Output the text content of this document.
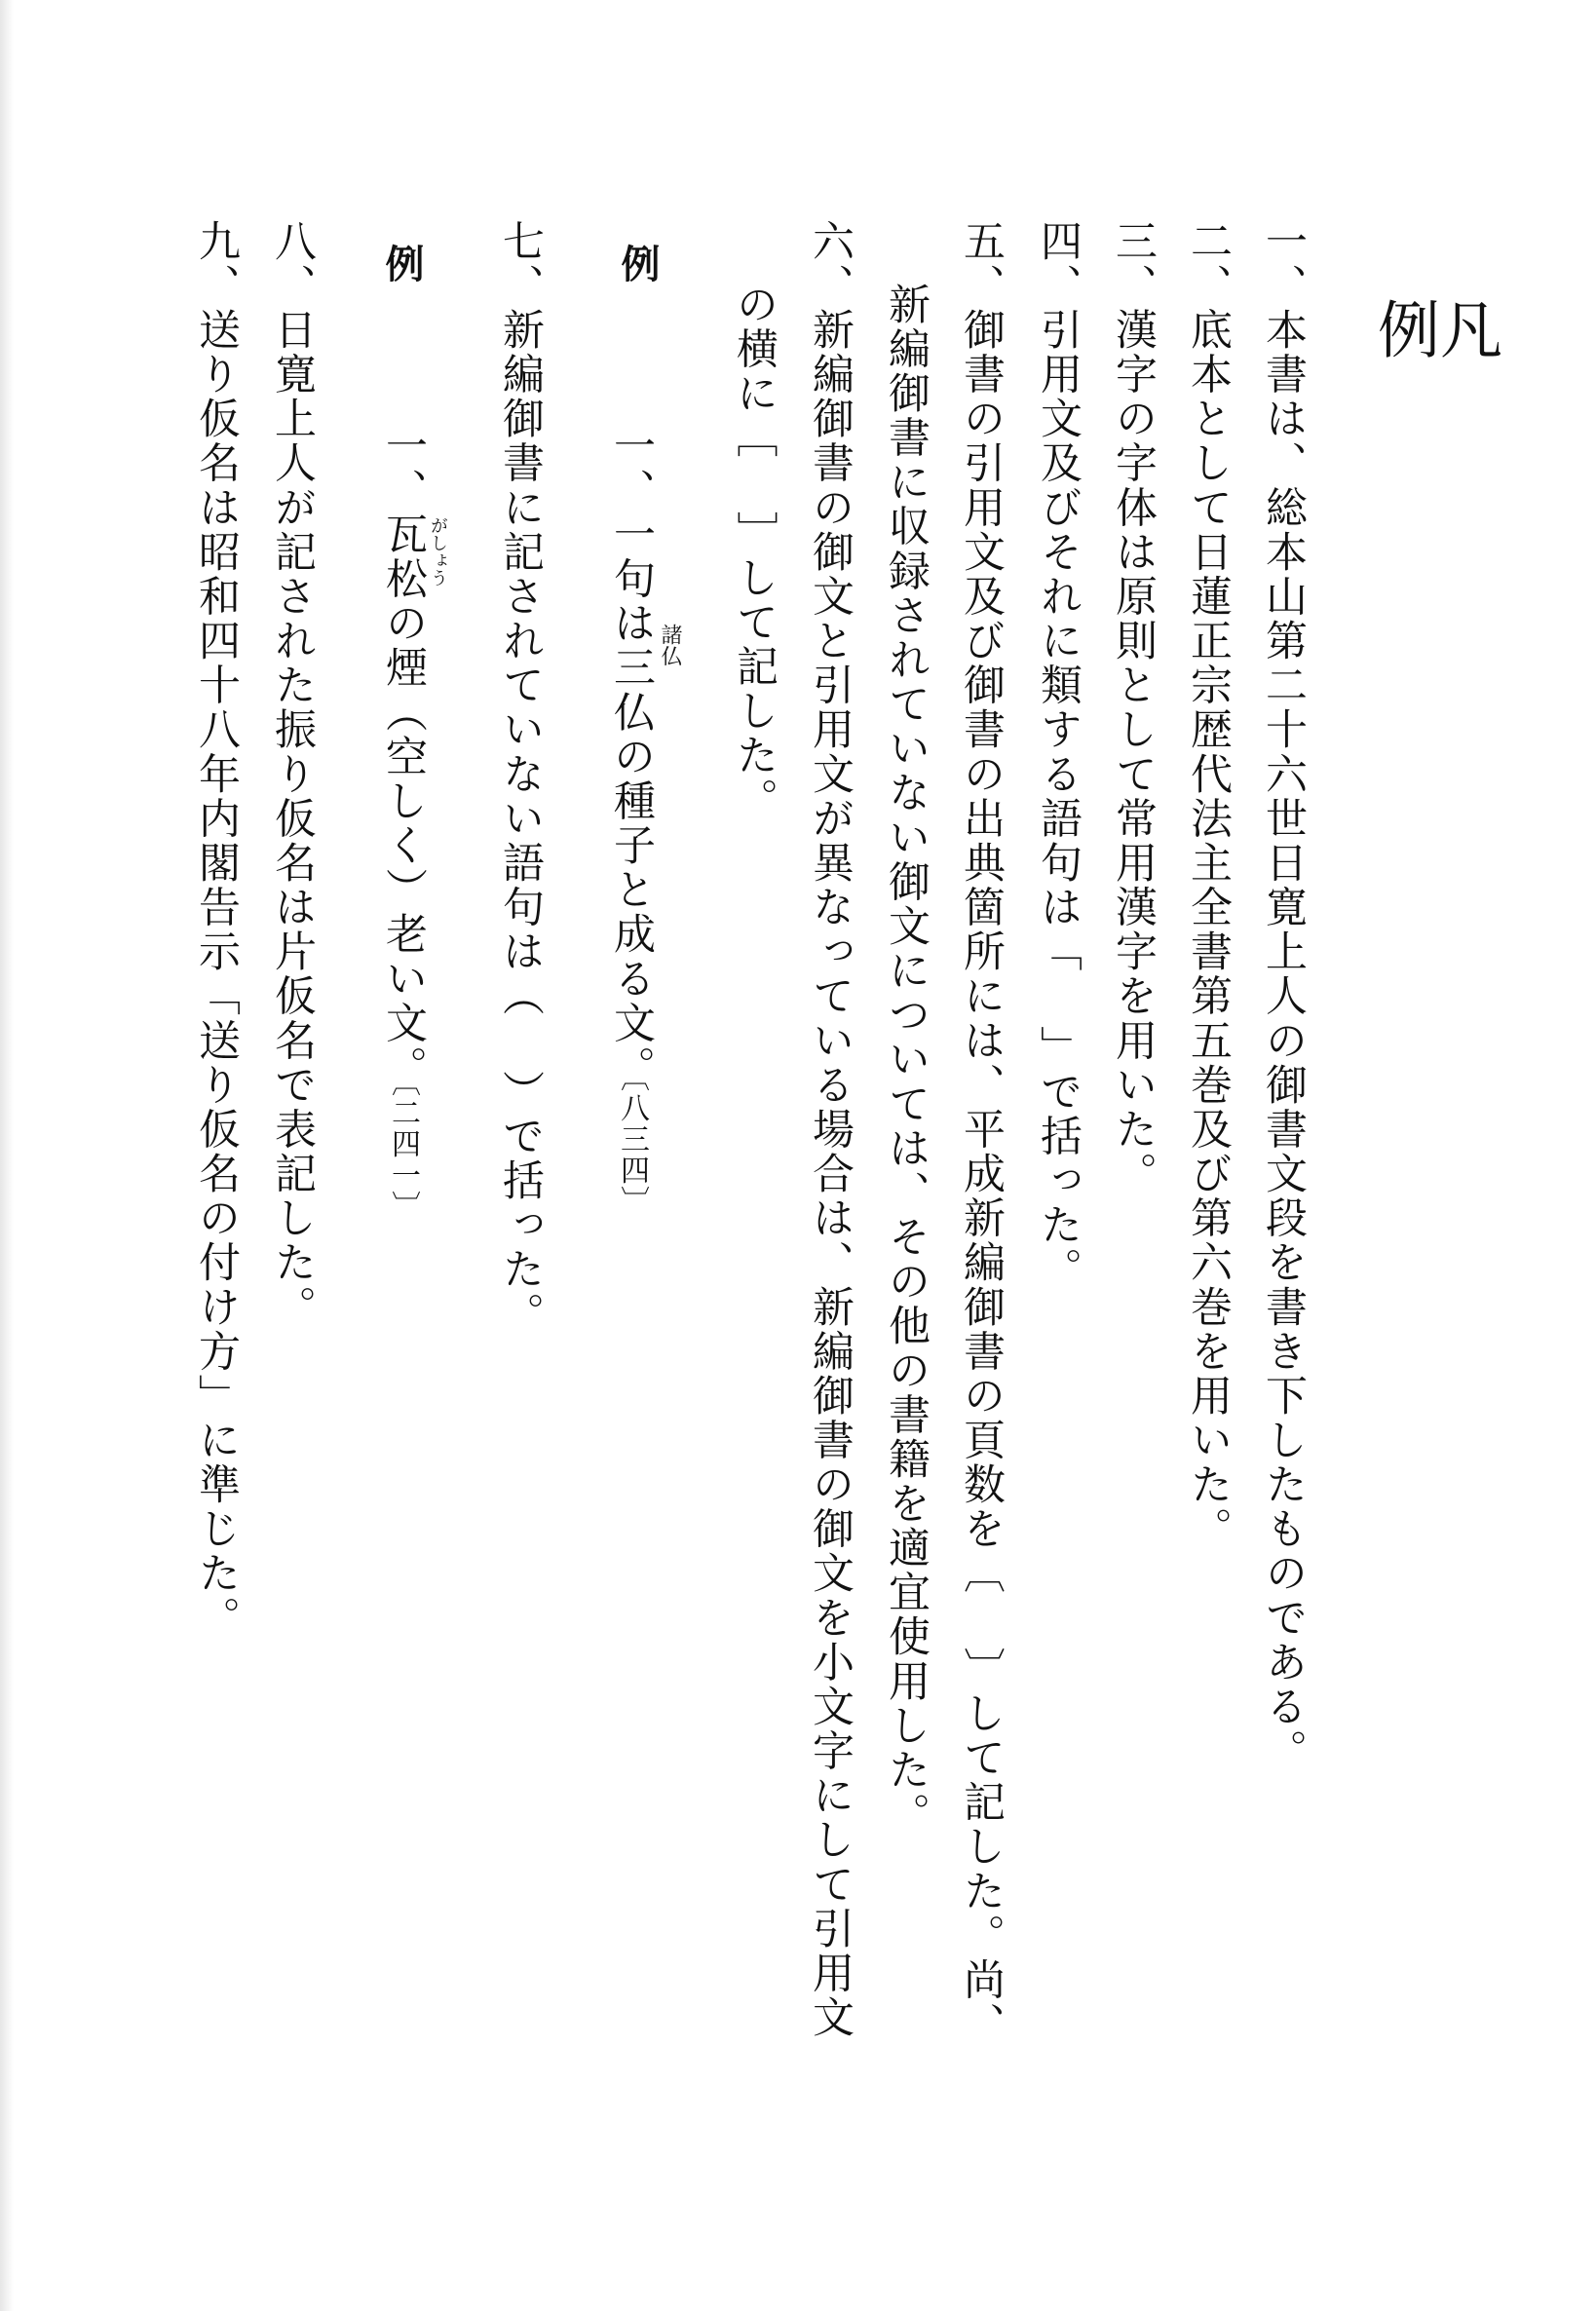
凡
例
一、本書は、総本山第二十六世日寛上人の御書文段を書き下したものである。
二、底本として日蓮正宗歴代法主全書第五巻及び第六巻を用いた。
三、漢字の字体は原則として常用漢字を用いた。
四、引用文及びそれに類する語句は「 」で括った。
五、御書の引用文及び御書の出典箇所には、平成新編御書の頁数を〔 〕して記した。尚、
新編御書に収録されていない御文については、その他の書籍を適宜使用した。
六、新編御書の御文と引用文が異なっている場合は、新編御書の御文を小文字にして引用文
の横に［ ］して記した。
例
一、一句は三仏の種子と成る文。 諸仏
〔八三四〕
七、新編御書に記されていない語句は（ ）で括った。
例
一、瓦松の煙（空しく）老い文。 がしょう
〔二四一〕
八、日寛上人が記された振り仮名は片仮名で表記した。
九、送り仮名は昭和四十八年内閣告示「送り仮名の付け方」に準じた。
